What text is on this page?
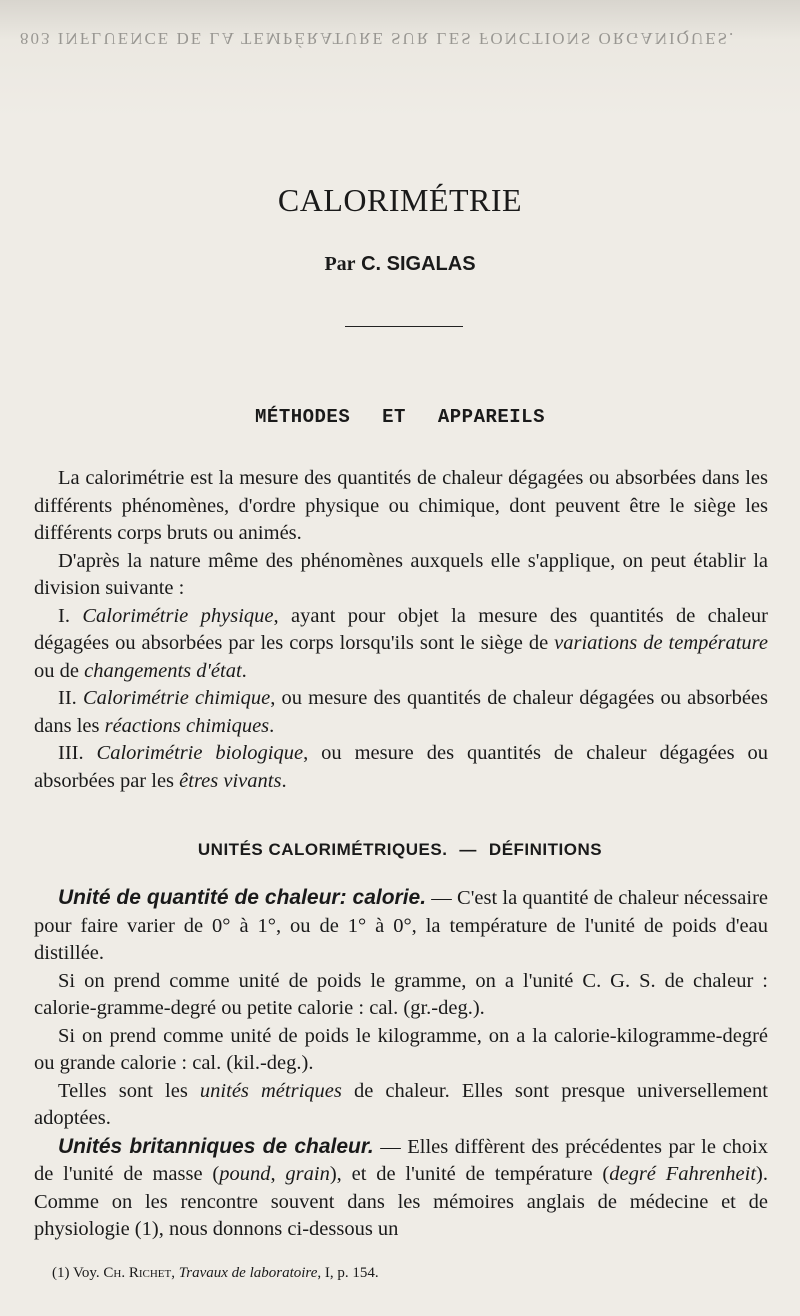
803 INFLUENCE DE LA TEMPÉRATURE SUR LES FONCTIONS ORGANIQUES.
CALORIMÉTRIE
Par C. SIGALAS
MÉTHODES ET APPAREILS

La calorimétrie est la mesure des quantités de chaleur dégagées ou absorbées dans les différents phénomènes, d'ordre physique ou chimique, dont peuvent être le siège les différents corps bruts ou animés.

D'après la nature même des phénomènes auxquels elle s'applique, on peut établir la division suivante :

I. Calorimétrie physique, ayant pour objet la mesure des quantités de chaleur dégagées ou absorbées par les corps lorsqu'ils sont le siège de variations de température ou de changements d'état.

II. Calorimétrie chimique, ou mesure des quantités de chaleur dégagées ou absorbées dans les réactions chimiques.

III. Calorimétrie biologique, ou mesure des quantités de chaleur dégagées ou absorbées par les êtres vivants.

UNITÉS CALORIMÉTRIQUES. — DÉFINITIONS

Unité de quantité de chaleur: calorie. — C'est la quantité de chaleur nécessaire pour faire varier de 0° à 1°, ou de 1° à 0°, la température de l'unité de poids d'eau distillée.

Si on prend comme unité de poids le gramme, on a l'unité C. G. S. de chaleur : calorie-gramme-degré ou petite calorie : cal. (gr.-deg.).

Si on prend comme unité de poids le kilogramme, on a la calorie-kilogramme-degré ou grande calorie : cal. (kil.-deg.).

Telles sont les unités métriques de chaleur. Elles sont presque universellement adoptées.

Unités britanniques de chaleur. — Elles diffèrent des précédentes par le choix de l'unité de masse (pound, grain), et de l'unité de température (degré Fahrenheit). Comme on les rencontre souvent dans les mémoires anglais de médecine et de physiologie (1), nous donnons ci-dessous un

(1) Voy. Ch. Richet, Travaux de laboratoire, I, p. 154.
